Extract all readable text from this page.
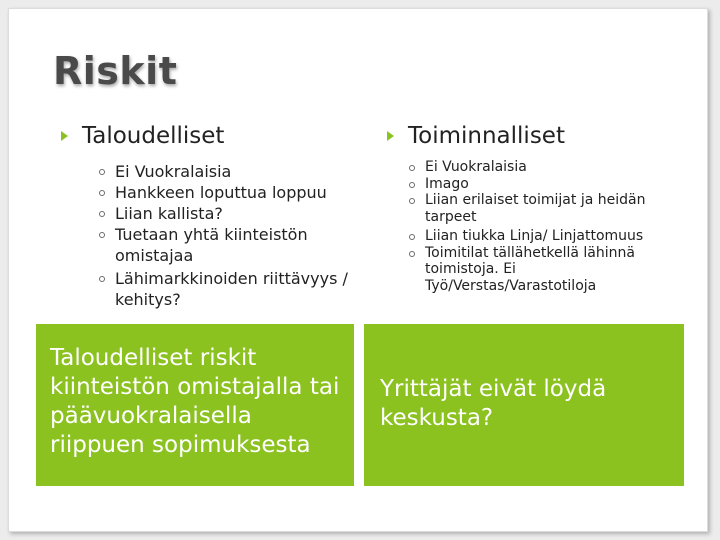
Riskit
Taloudelliset
Ei Vuokralaisia
Hankkeen loputtua loppuu
Liian kallista?
Tuetaan yhtä kiinteistön omistajaa
Lähimarkkinoiden riittävyys / kehitys?
Toiminnalliset
Ei Vuokralaisia
Imago
Liian erilaiset toimijat ja heidän tarpeet
Liian tiukka Linja/ Linjattomuus
Toimitilat tällähetkellä lähinnä toimistoja. Ei Työ/Verstas/Varastotiloja
Taloudelliset riskit kiinteistön omistajalla tai päävuokralaisella riippuen sopimuksesta
Yrittäjät eivät löydä keskusta?
